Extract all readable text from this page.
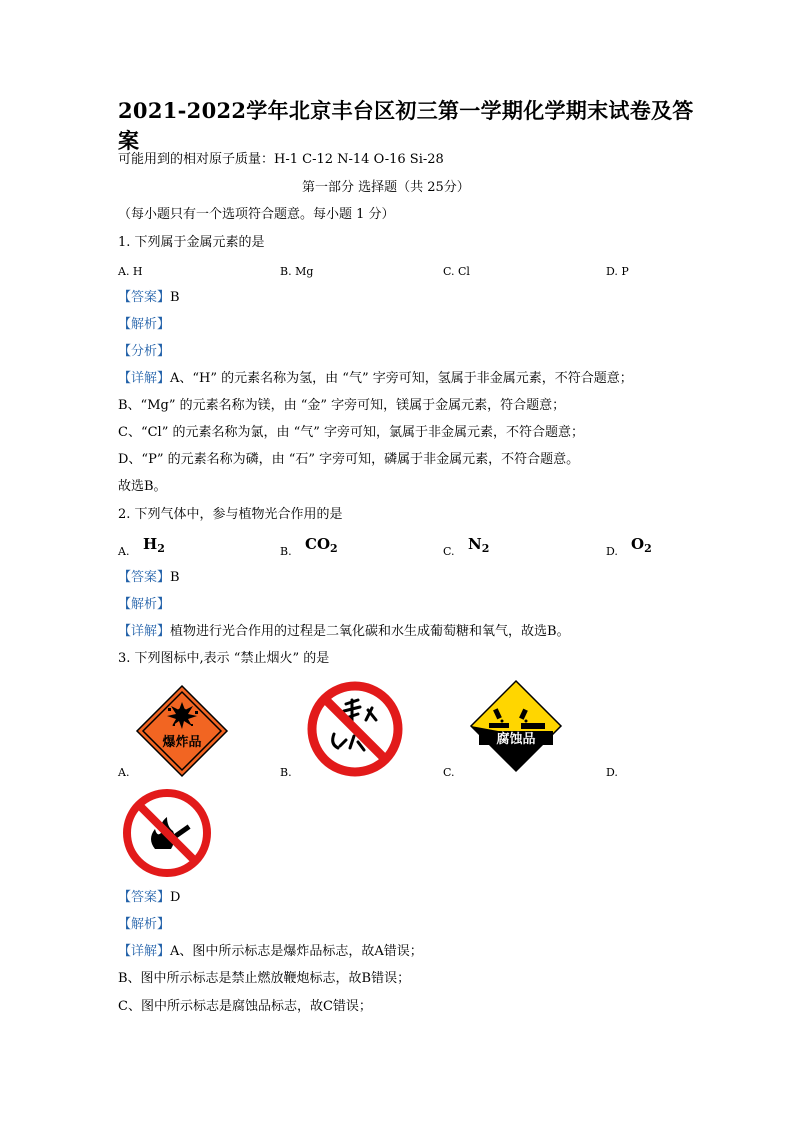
2021-2022学年北京丰台区初三第一学期化学期末试卷及答
案
可能用到的相对原子质量：H-1 C-12 N-14 O-16 Si-28
第一部分 选择题（共 25分）
（每小题只有一个选项符合题意。每小题 1 分）
1. 下列属于金属元素的是
A. H	B. Mg	C. Cl	D. P
【答案】B
【解析】
【分析】
【详解】A、“H” 的元素名称为氢，由 “气” 字旁可知，氢属于非金属元素，不符合题意；
B、“Mg” 的元素名称为镁，由 “金” 字旁可知，镁属于金属元素，符合题意；
C、“Cl” 的元素名称为氯，由 “气” 字旁可知，氯属于非金属元素，不符合题意；
D、“P” 的元素名称为磷，由 “石” 字旁可知，磷属于非金属元素，不符合题意。
故选B。
2. 下列气体中，参与植物光合作用的是
A. $H_2$	B. $CO_2$	C. $N_2$	D. $O_2$
【答案】B
【解析】
【详解】植物进行光合作用的过程是二氧化碳和水生成葡萄糖和氧气，故选B。
3. 下列图标中,表示 “禁止烟火” 的是
爆炸品
A.	B.
腐蚀品
C.	D.
【答案】D
【解析】
【详解】A、图中所示标志是爆炸品标志，故A错误；
B、图中所示标志是禁止燃放鞭炮标志，故B错误；
C、图中所示标志是腐蚀品标志，故C错误；
